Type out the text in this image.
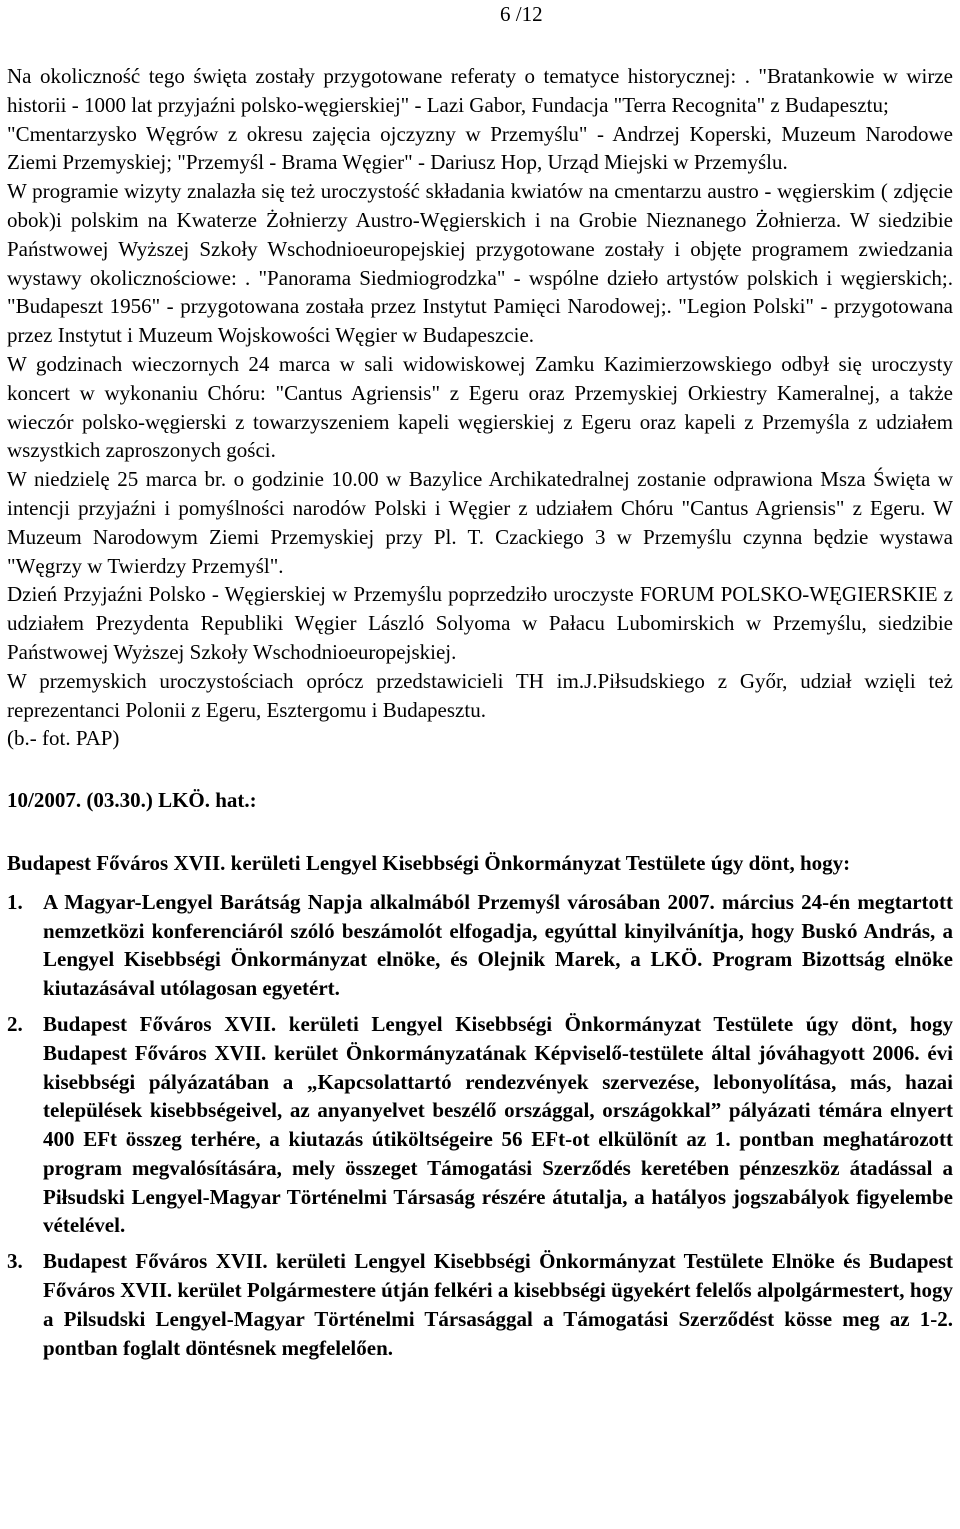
6 /12

Na okoliczność tego święta zostały przygotowane referaty o tematyce historycznej: . "Bratankowie w wirze historii - 1000 lat przyjaźni polsko-węgierskiej" - Lazi Gabor, Fundacja "Terra Recognita" z Budapesztu;

"Cmentarzysko Węgrów z okresu zajęcia ojczyzny w Przemyślu" - Andrzej Koperski, Muzeum Narodowe Ziemi Przemyskiej; "Przemyśl - Brama Węgier" - Dariusz Hop, Urząd Miejski w Przemyślu.

W programie wizyty znalazła się też uroczystość składania kwiatów na cmentarzu austro - węgierskim ( zdjęcie obok)i polskim na Kwaterze Żołnierzy Austro-Węgierskich i na Grobie Nieznanego Żołnierza. W siedzibie Państwowej Wyższej Szkoły Wschodnioeuropejskiej przygotowane zostały i objęte programem zwiedzania wystawy okolicznościowe: . "Panorama Siedmiogrodzka" - wspólne dzieło artystów polskich i węgierskich;. "Budapeszt 1956" - przygotowana została przez Instytut Pamięci Narodowej;. "Legion Polski" - przygotowana przez Instytut i Muzeum Wojskowości Węgier w Budapeszcie.

W godzinach wieczornych 24 marca w sali widowiskowej Zamku Kazimierzowskiego odbył się uroczysty koncert w wykonaniu Chóru: "Cantus Agriensis" z Egeru oraz Przemyskiej Orkiestry Kameralnej, a także wieczór polsko-węgierski z towarzyszeniem kapeli węgierskiej z Egeru oraz kapeli z Przemyśla z udziałem wszystkich zaproszonych gości.

W niedzielę 25 marca br. o godzinie 10.00 w Bazylice Archikatedralnej zostanie odprawiona Msza Święta w intencji przyjaźni i pomyślności narodów Polski i Węgier z udziałem Chóru "Cantus Agriensis" z Egeru. W Muzeum Narodowym Ziemi Przemyskiej przy Pl. T. Czackiego 3 w Przemyślu czynna będzie wystawa "Węgrzy w Twierdzy Przemyśl".

Dzień Przyjaźni Polsko - Węgierskiej w Przemyślu poprzedziło uroczyste FORUM POLSKO-WĘGIERSKIE z udziałem Prezydenta Republiki Węgier László Solyoma w Pałacu Lubomirskich w Przemyślu, siedzibie Państwowej Wyższej Szkoły Wschodnioeuropejskiej.

W przemyskich uroczystościach oprócz przedstawicieli TH im.J.Piłsudskiego z Győr, udział wzięli też reprezentanci Polonii z Egeru, Esztergomu i Budapesztu.

(b.- fot. PAP)

10/2007. (03.30.) LKÖ. hat.:

Budapest Főváros XVII. kerületi Lengyel Kisebbségi Önkormányzat Testülete úgy dönt, hogy:

1. A Magyar-Lengyel Barátság Napja alkalmából Przemyśl városában 2007. március 24-én megtartott nemzetközi konferenciáról szóló beszámolót elfogadja, egyúttal kinyilvánítja, hogy Buskó András, a Lengyel Kisebbségi Önkormányzat elnöke, és Olejnik Marek, a LKÖ. Program Bizottság elnöke kiutazásával utólagosan egyetért.
2. Budapest Főváros XVII. kerületi Lengyel Kisebbségi Önkormányzat Testülete úgy dönt, hogy Budapest Főváros XVII. kerület Önkormányzatának Képviselő-testülete által jóváhagyott 2006. évi kisebbségi pályázatában a „Kapcsolattartó rendezvények szervezése, lebonyolítása, más, hazai települések kisebbségeivel, az anyanyelvet beszélő országgal, országokkal” pályázati témára elnyert 400 EFt összeg terhére, a kiutazás útiköltségeire 56 EFt-ot elkülönít az 1. pontban meghatározott program megvalósítására, mely összeget Támogatási Szerződés keretében pénzeszköz átadással a Piłsudski Lengyel-Magyar Történelmi Társaság részére átutalja, a hatályos jogszabályok figyelembe vételével.
3. Budapest Főváros XVII. kerületi Lengyel Kisebbségi Önkormányzat Testülete Elnöke és Budapest Főváros XVII. kerület Polgármestere útján felkéri a kisebbségi ügyekért felelős alpolgármestert, hogy a Pilsudski Lengyel-Magyar Történelmi Társasággal a Támogatási Szerződést kösse meg az 1-2. pontban foglalt döntésnek megfelelően.
